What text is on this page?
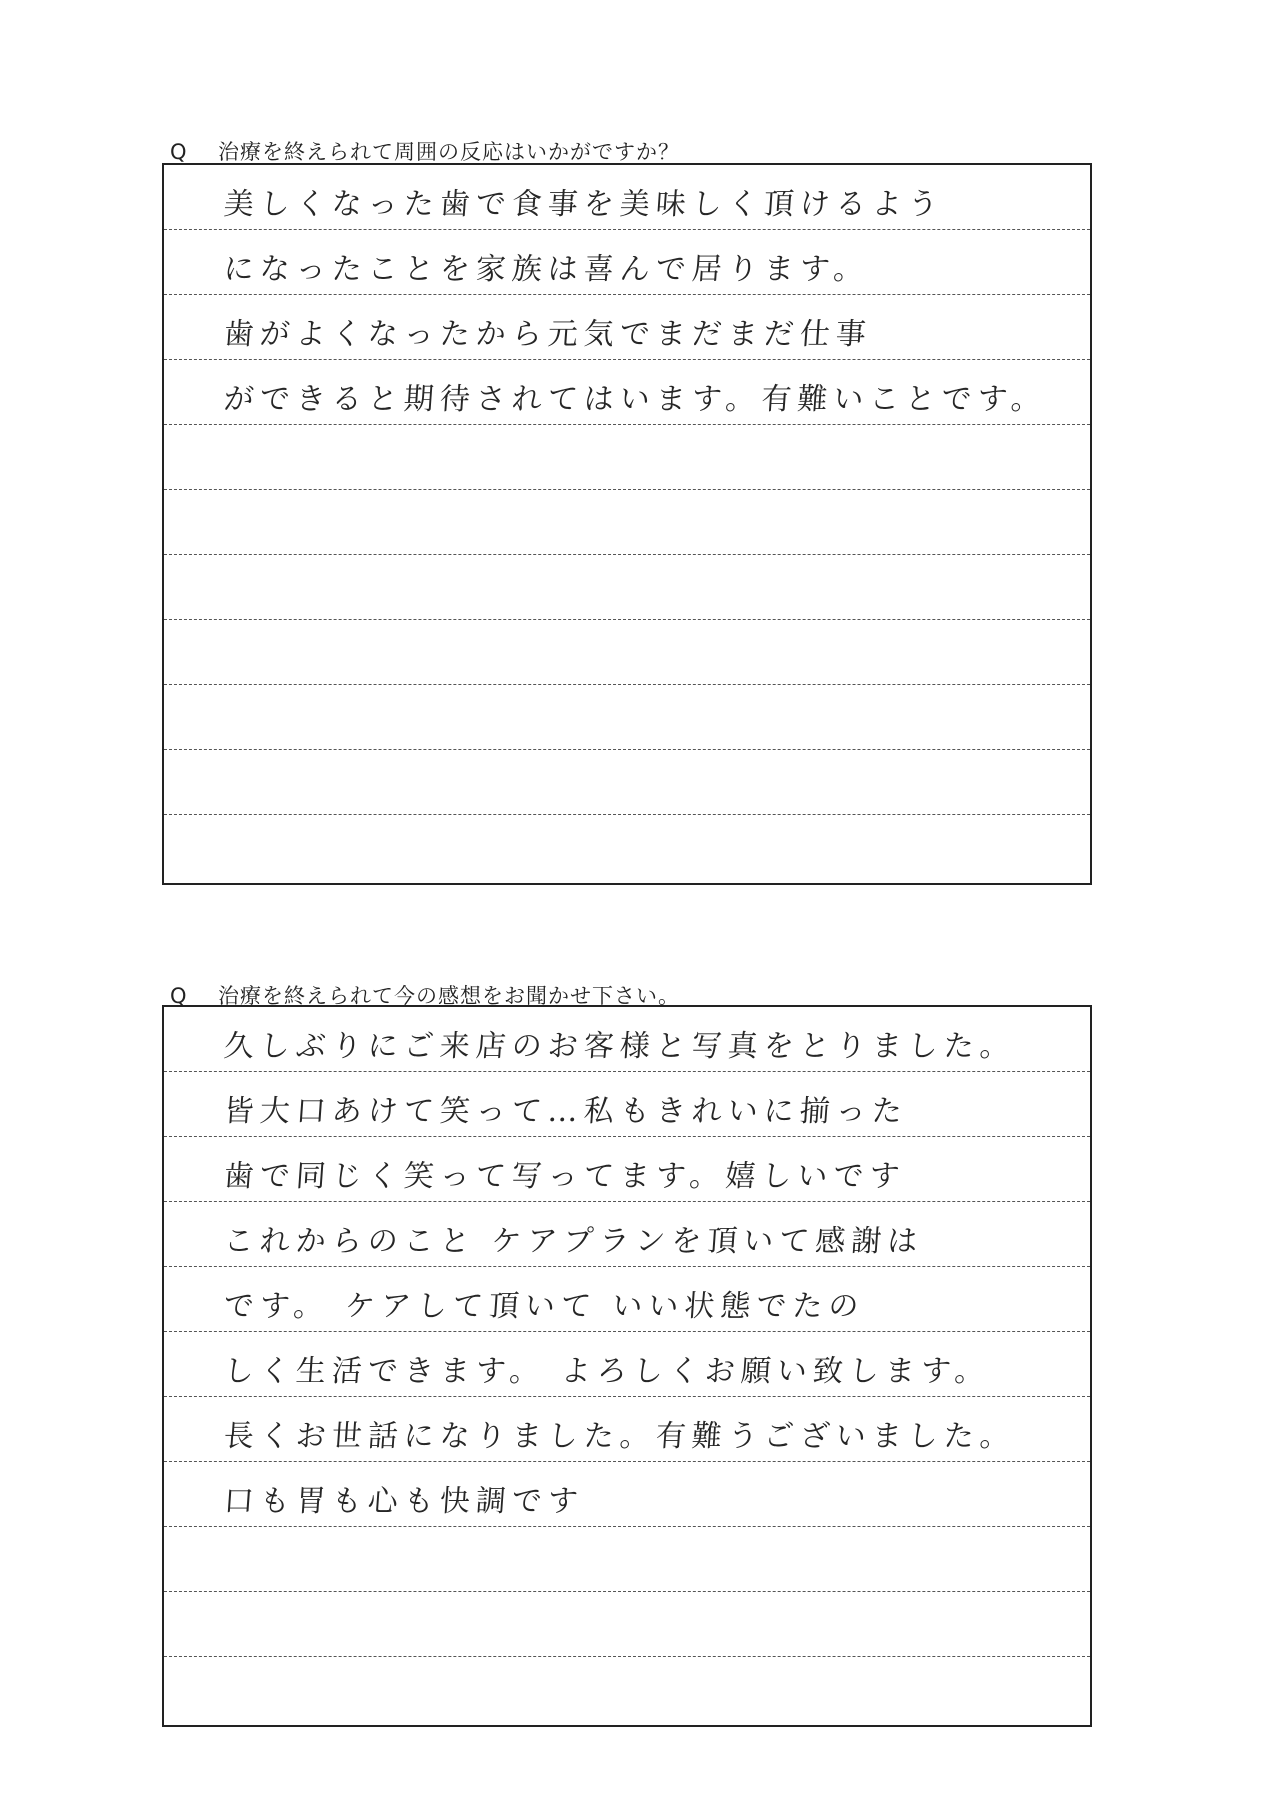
Q 治療を終えられて周囲の反応はいかがですか？
美しくなった歯で食事を美味しく頂けるよう
になったことを家族は喜んで居ります。
歯がよくなったから元気でまだまだ仕事
ができると期待されてはいます。有難いことです。
Q 治療を終えられて今の感想をお聞かせ下さい。
久しぶりにご来店のお客様と写真をとりました。
皆大口あけて笑って…私もきれいに揃った
歯で同じく笑って写ってます。嬉しいです
これからのこと ケアプランを頂いて感謝は
です。 ケアして頂いて いい状態でたの
しく生活できます。 よろしくお願い致します。
長くお世話になりました。有難うございました。
口も胃も心も快調です
